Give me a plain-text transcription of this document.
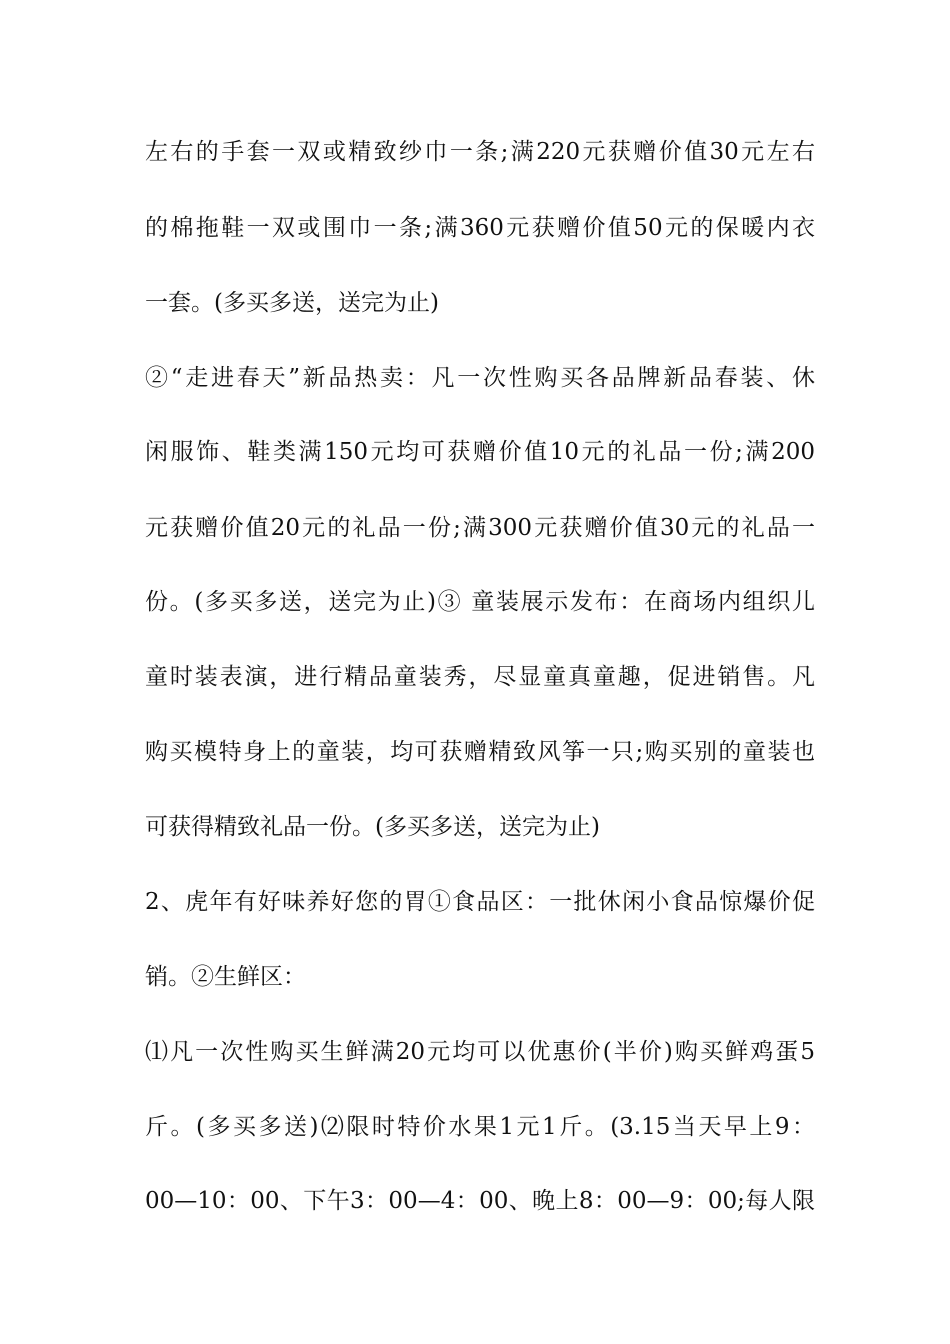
左右的手套一双或精致纱巾一条;满220元获赠价值30元左右
的棉拖鞋一双或围巾一条;满360元获赠价值50元的保暖内衣
一套。(多买多送，送完为止)
②“走进春天”新品热卖：凡一次性购买各品牌新品春装、休
闲服饰、鞋类满150元均可获赠价值10元的礼品一份;满200
元获赠价值20元的礼品一份;满300元获赠价值30元的礼品一
份。(多买多送，送完为止)③ 童装展示发布：在商场内组织儿
童时装表演，进行精品童装秀，尽显童真童趣，促进销售。凡
购买模特身上的童装，均可获赠精致风筝一只;购买别的童装也
可获得精致礼品一份。(多买多送，送完为止)
2、虎年有好味养好您的胃①食品区：一批休闲小食品惊爆价促
销。②生鲜区：
⑴凡一次性购买生鲜满20元均可以优惠价(半价)购买鲜鸡蛋5
斤。(多买多送)⑵限时特价水果1元1斤。(3.15当天早上9：
00—10：00、下午3：00—4：00、晚上8：00—9：00;每人限
